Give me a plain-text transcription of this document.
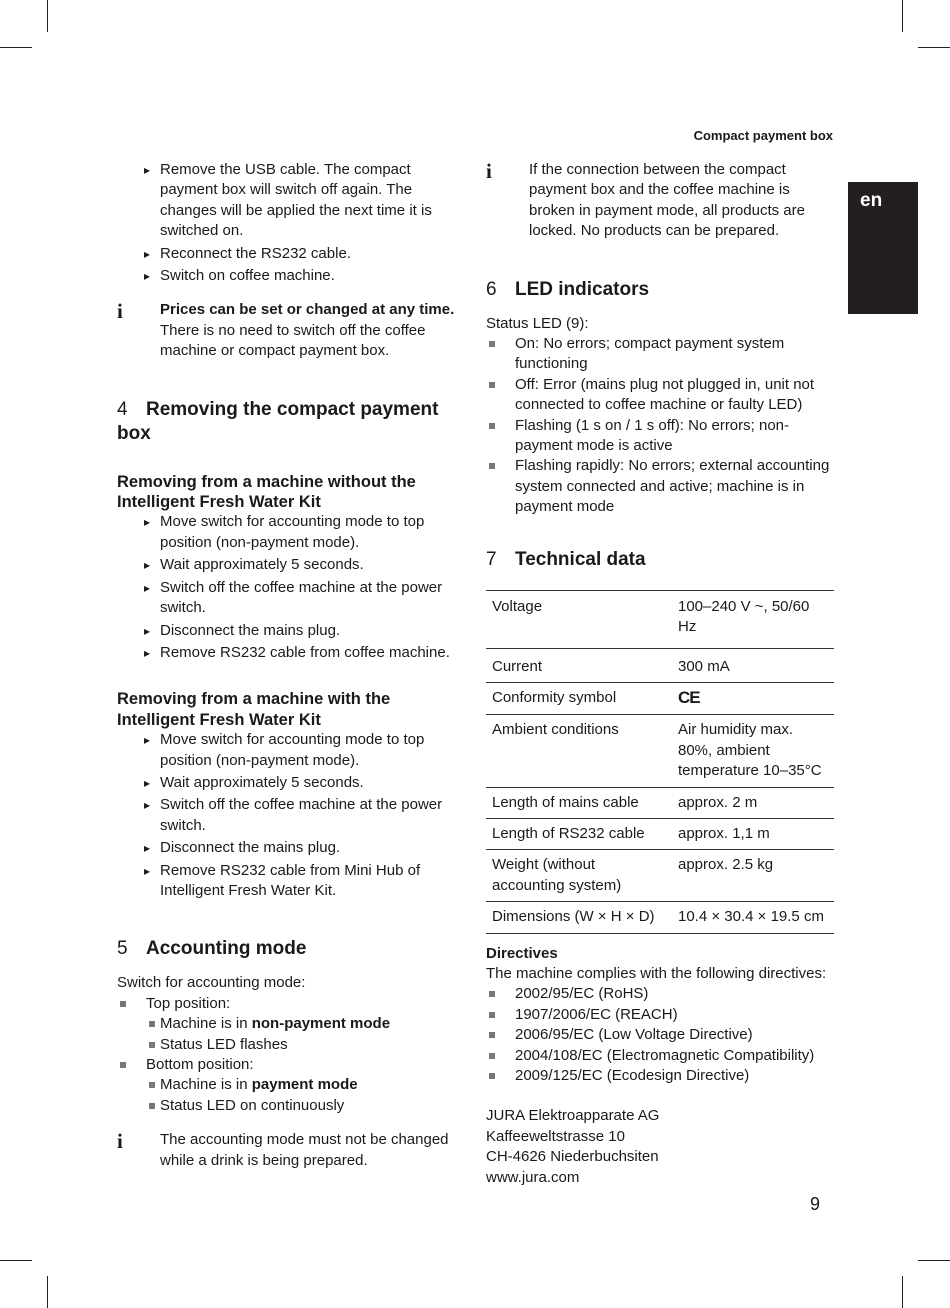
Compact payment box
en
9
▸ Remove the USB cable. The compact payment box will switch off again. The changes will be applied the next time it is switched on.
▸ Reconnect the RS232 cable.
▸ Switch on coffee machine.
i Prices can be set or changed at any time. There is no need to switch off the coffee machine or compact payment box.
4 Removing the compact payment box
Removing from a machine without the Intelligent Fresh Water Kit
▸ Move switch for accounting mode to top position (non-payment mode).
▸ Wait approximately 5 seconds.
▸ Switch off the coffee machine at the power switch.
▸ Disconnect the mains plug.
▸ Remove RS232 cable from coffee machine.
Removing from a machine with the Intelligent Fresh Water Kit
▸ Move switch for accounting mode to top position (non-payment mode).
▸ Wait approximately 5 seconds.
▸ Switch off the coffee machine at the power switch.
▸ Disconnect the mains plug.
▸ Remove RS232 cable from Mini Hub of Intelligent Fresh Water Kit.
5 Accounting mode
Switch for accounting mode:
Top position:
Machine is in non-payment mode
Status LED flashes
Bottom position:
Machine is in payment mode
Status LED on continuously
i The accounting mode must not be changed while a drink is being prepared.
i If the connection between the compact payment box and the coffee machine is broken in payment mode, all products are locked. No products can be prepared.
6 LED indicators
Status LED (9):
On: No errors; compact payment system functioning
Off: Error (mains plug not plugged in, unit not connected to coffee machine or faulty LED)
Flashing (1 s on / 1 s off): No errors; non-payment mode is active
Flashing rapidly: No errors; external accounting system connected and active; machine is in payment mode
7 Technical data
Voltage	100–240 V ~, 50/60 Hz
Current	300 mA
Conformity symbol	CE
Ambient conditions	Air humidity max. 80%, ambient temperature 10–35°C
Length of mains cable	approx. 2 m
Length of RS232 cable	approx. 1,1 m
Weight (without accounting system)	approx. 2.5 kg
Dimensions (W × H × D)	10.4 × 30.4 × 19.5 cm
Directives
The machine complies with the following directives:
2002/95/EC (RoHS)
1907/2006/EC (REACH)
2006/95/EC (Low Voltage Directive)
2004/108/EC (Electromagnetic Compatibility)
2009/125/EC (Ecodesign Directive)
JURA Elektroapparate AG
Kaffeeweltstrasse 10
CH-4626 Niederbuchsiten
www.jura.com
